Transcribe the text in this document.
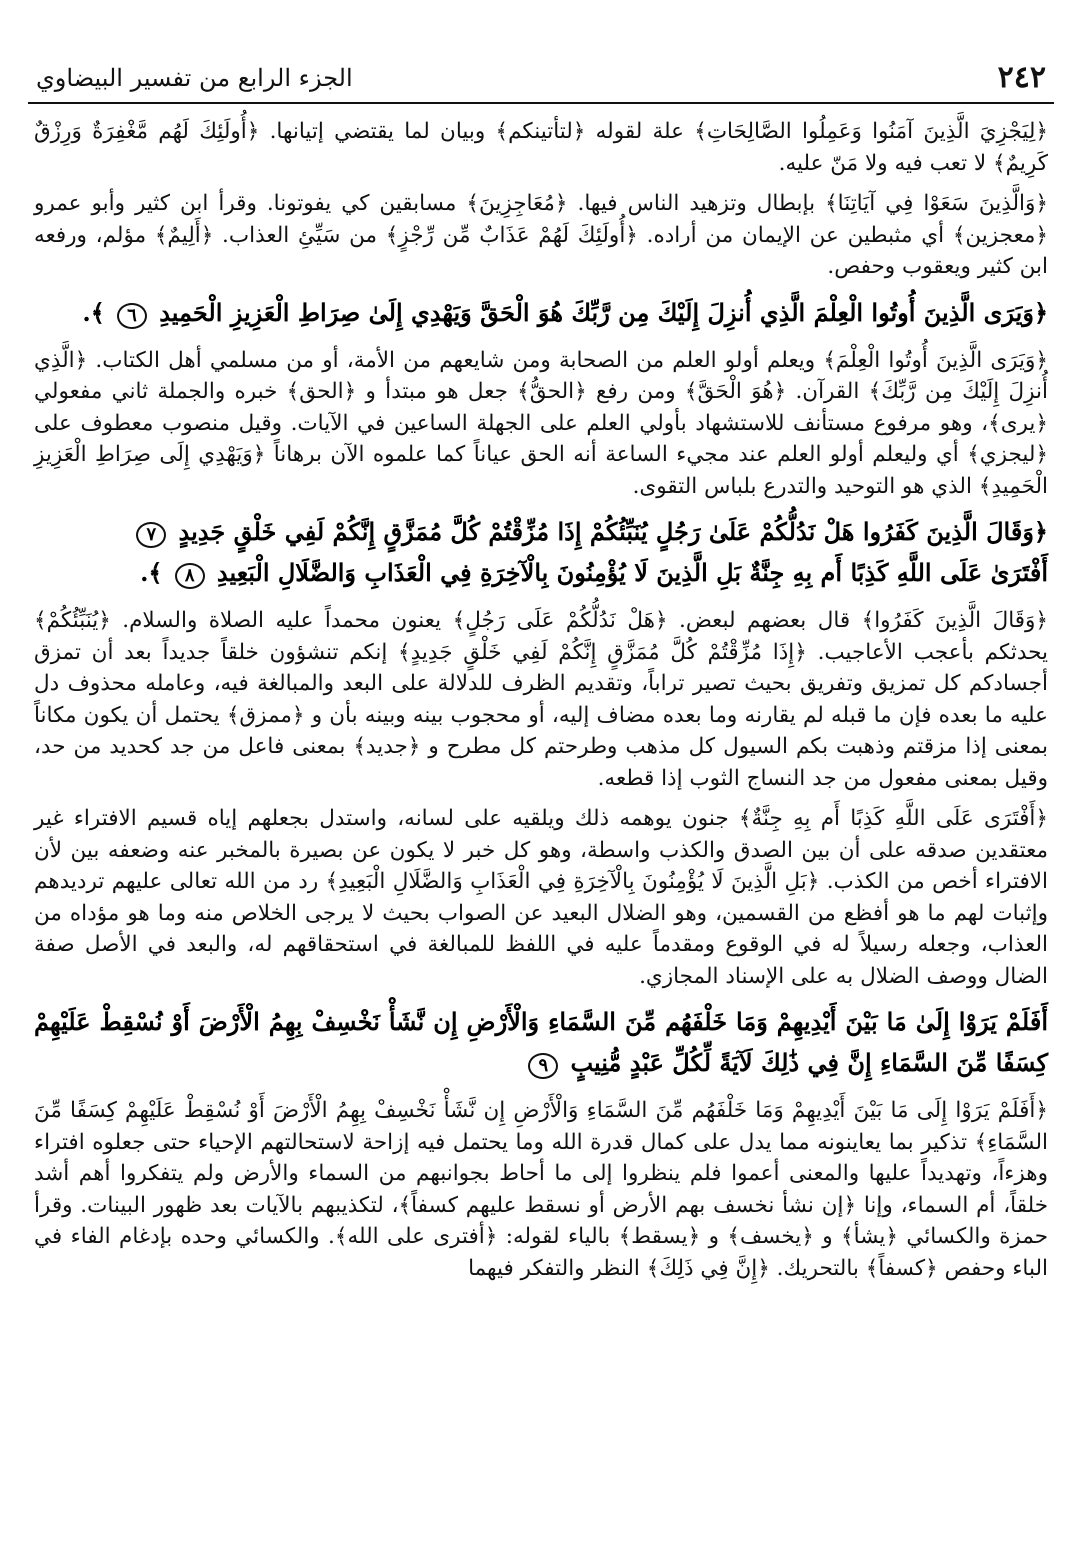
٢٤٢
الجزء الرابع من تفسير البيضاوي

﴿لِيَجْزِيَ الَّذِينَ آمَنُوا وَعَمِلُوا الصَّالِحَاتِ﴾ علة لقوله ﴿لتأتينكم﴾ وبيان لما يقتضي إتيانها. ﴿أُولَئِكَ لَهُم مَّغْفِرَةٌ وَرِزْقٌ كَرِيمٌ﴾ لا تعب فيه ولا مَنّ عليه.

﴿وَالَّذِينَ سَعَوْا فِي آيَاتِنَا﴾ بإبطال وتزهيد الناس فيها. ﴿مُعَاجِزِينَ﴾ مسابقين كي يفوتونا. وقرأ ابن كثير وأبو عمرو ﴿معجزين﴾ أي مثبطين عن الإيمان من أراده. ﴿أُولَئِكَ لَهُمْ عَذَابٌ مِّن رِّجْزٍ﴾ من سَيِّئِ العذاب. ﴿أَلِيمٌ﴾ مؤلم، ورفعه ابن كثير ويعقوب وحفص.

﴿وَيَرَى الَّذِينَ أُوتُوا الْعِلْمَ الَّذِي أُنزِلَ إِلَيْكَ مِن رَّبِّكَ هُوَ الْحَقَّ وَيَهْدِي إِلَىٰ صِرَاطِ الْعَزِيزِ الْحَمِيدِ ٦ ﴾.

﴿وَيَرَى الَّذِينَ أُوتُوا الْعِلْمَ﴾ ويعلم أولو العلم من الصحابة ومن شايعهم من الأمة، أو من مسلمي أهل الكتاب. ﴿الَّذِي أُنزِلَ إِلَيْكَ مِن رَّبِّكَ﴾ القرآن. ﴿هُوَ الْحَقَّ﴾ ومن رفع ﴿الحقُّ﴾ جعل هو مبتدأ و ﴿الحق﴾ خبره والجملة ثاني مفعولي ﴿يرى﴾، وهو مرفوع مستأنف للاستشهاد بأولي العلم على الجهلة الساعين في الآيات. وقيل منصوب معطوف على ﴿ليجزي﴾ أي وليعلم أولو العلم عند مجيء الساعة أنه الحق عياناً كما علموه الآن برهاناً ﴿وَيَهْدِي إِلَى صِرَاطِ الْعَزِيزِ الْحَمِيدِ﴾ الذي هو التوحيد والتدرع بلباس التقوى.

﴿وَقَالَ الَّذِينَ كَفَرُوا هَلْ نَدُلُّكُمْ عَلَىٰ رَجُلٍ يُنَبِّئُكُمْ إِذَا مُزِّقْتُمْ كُلَّ مُمَزَّقٍ إِنَّكُمْ لَفِي خَلْقٍ جَدِيدٍ ٧

أَفْتَرَىٰ عَلَى اللَّهِ كَذِبًا أَم بِهِ جِنَّةٌ بَلِ الَّذِينَ لَا يُؤْمِنُونَ بِالْآخِرَةِ فِي الْعَذَابِ وَالضَّلَالِ الْبَعِيدِ ٨ ﴾.

﴿وَقَالَ الَّذِينَ كَفَرُوا﴾ قال بعضهم لبعض. ﴿هَلْ نَدُلُّكُمْ عَلَى رَجُلٍ﴾ يعنون محمداً عليه الصلاة والسلام. ﴿يُنَبِّئُكُمْ﴾ يحدثكم بأعجب الأعاجيب. ﴿إِذَا مُزِّقْتُمْ كُلَّ مُمَزَّقٍ إِنَّكُمْ لَفِي خَلْقٍ جَدِيدٍ﴾ إنكم تنشؤون خلقاً جديداً بعد أن تمزق أجسادكم كل تمزيق وتفريق بحيث تصير تراباً، وتقديم الظرف للدلالة على البعد والمبالغة فيه، وعامله محذوف دل عليه ما بعده فإن ما قبله لم يقارنه وما بعده مضاف إليه، أو محجوب بينه وبينه بأن و ﴿ممزق﴾ يحتمل أن يكون مكاناً بمعنى إذا مزقتم وذهبت بكم السيول كل مذهب وطرحتم كل مطرح و ﴿جديد﴾ بمعنى فاعل من جد كحديد من حد، وقيل بمعنى مفعول من جد النساج الثوب إذا قطعه.

﴿أَفْتَرَى عَلَى اللَّهِ كَذِبًا أَم بِهِ جِنَّةٌ﴾ جنون يوهمه ذلك ويلقيه على لسانه، واستدل بجعلهم إياه قسيم الافتراء غير معتقدين صدقه على أن بين الصدق والكذب واسطة، وهو كل خبر لا يكون عن بصيرة بالمخبر عنه وضعفه بين لأن الافتراء أخص من الكذب. ﴿بَلِ الَّذِينَ لَا يُؤْمِنُونَ بِالْآخِرَةِ فِي الْعَذَابِ وَالضَّلَالِ الْبَعِيدِ﴾ رد من الله تعالى عليهم ترديدهم وإثبات لهم ما هو أفظع من القسمين، وهو الضلال البعيد عن الصواب بحيث لا يرجى الخلاص منه وما هو مؤداه من العذاب، وجعله رسيلاً له في الوقوع ومقدماً عليه في اللفظ للمبالغة في استحقاقهم له، والبعد في الأصل صفة الضال ووصف الضلال به على الإسناد المجازي.

أَفَلَمْ يَرَوْا إِلَىٰ مَا بَيْنَ أَيْدِيهِمْ وَمَا خَلْفَهُم مِّنَ السَّمَاءِ وَالْأَرْضِ إِن نَّشَأْ نَخْسِفْ بِهِمُ الْأَرْضَ أَوْ نُسْقِطْ عَلَيْهِمْ كِسَفًا مِّنَ السَّمَاءِ إِنَّ فِي ذَٰلِكَ لَآيَةً لِّكُلِّ عَبْدٍ مُّنِيبٍ ٩

﴿أَفَلَمْ يَرَوْا إِلَى مَا بَيْنَ أَيْدِيهِمْ وَمَا خَلْفَهُم مِّنَ السَّمَاءِ وَالْأَرْضِ إِن نَّشَأْ نَخْسِفْ بِهِمُ الْأَرْضَ أَوْ نُسْقِطْ عَلَيْهِمْ كِسَفًا مِّنَ السَّمَاءِ﴾ تذكير بما يعاينونه مما يدل على كمال قدرة الله وما يحتمل فيه إزاحة لاستحالتهم الإحياء حتى جعلوه افتراء وهزءاً، وتهديداً عليها والمعنى أعموا فلم ينظروا إلى ما أحاط بجوانبهم من السماء والأرض ولم يتفكروا أهم أشد خلقاً، أم السماء، وإنا ﴿إن نشأ نخسف بهم الأرض أو نسقط عليهم كسفاً﴾، لتكذيبهم بالآيات بعد ظهور البينات. وقرأ حمزة والكسائي ﴿يشأ﴾ و ﴿يخسف﴾ و ﴿يسقط﴾ بالياء لقوله: ﴿أفترى على الله﴾. والكسائي وحده بإدغام الفاء في الباء وحفص ﴿كسفاً﴾ بالتحريك. ﴿إِنَّ فِي ذَلِكَ﴾ النظر والتفكر فيهما
